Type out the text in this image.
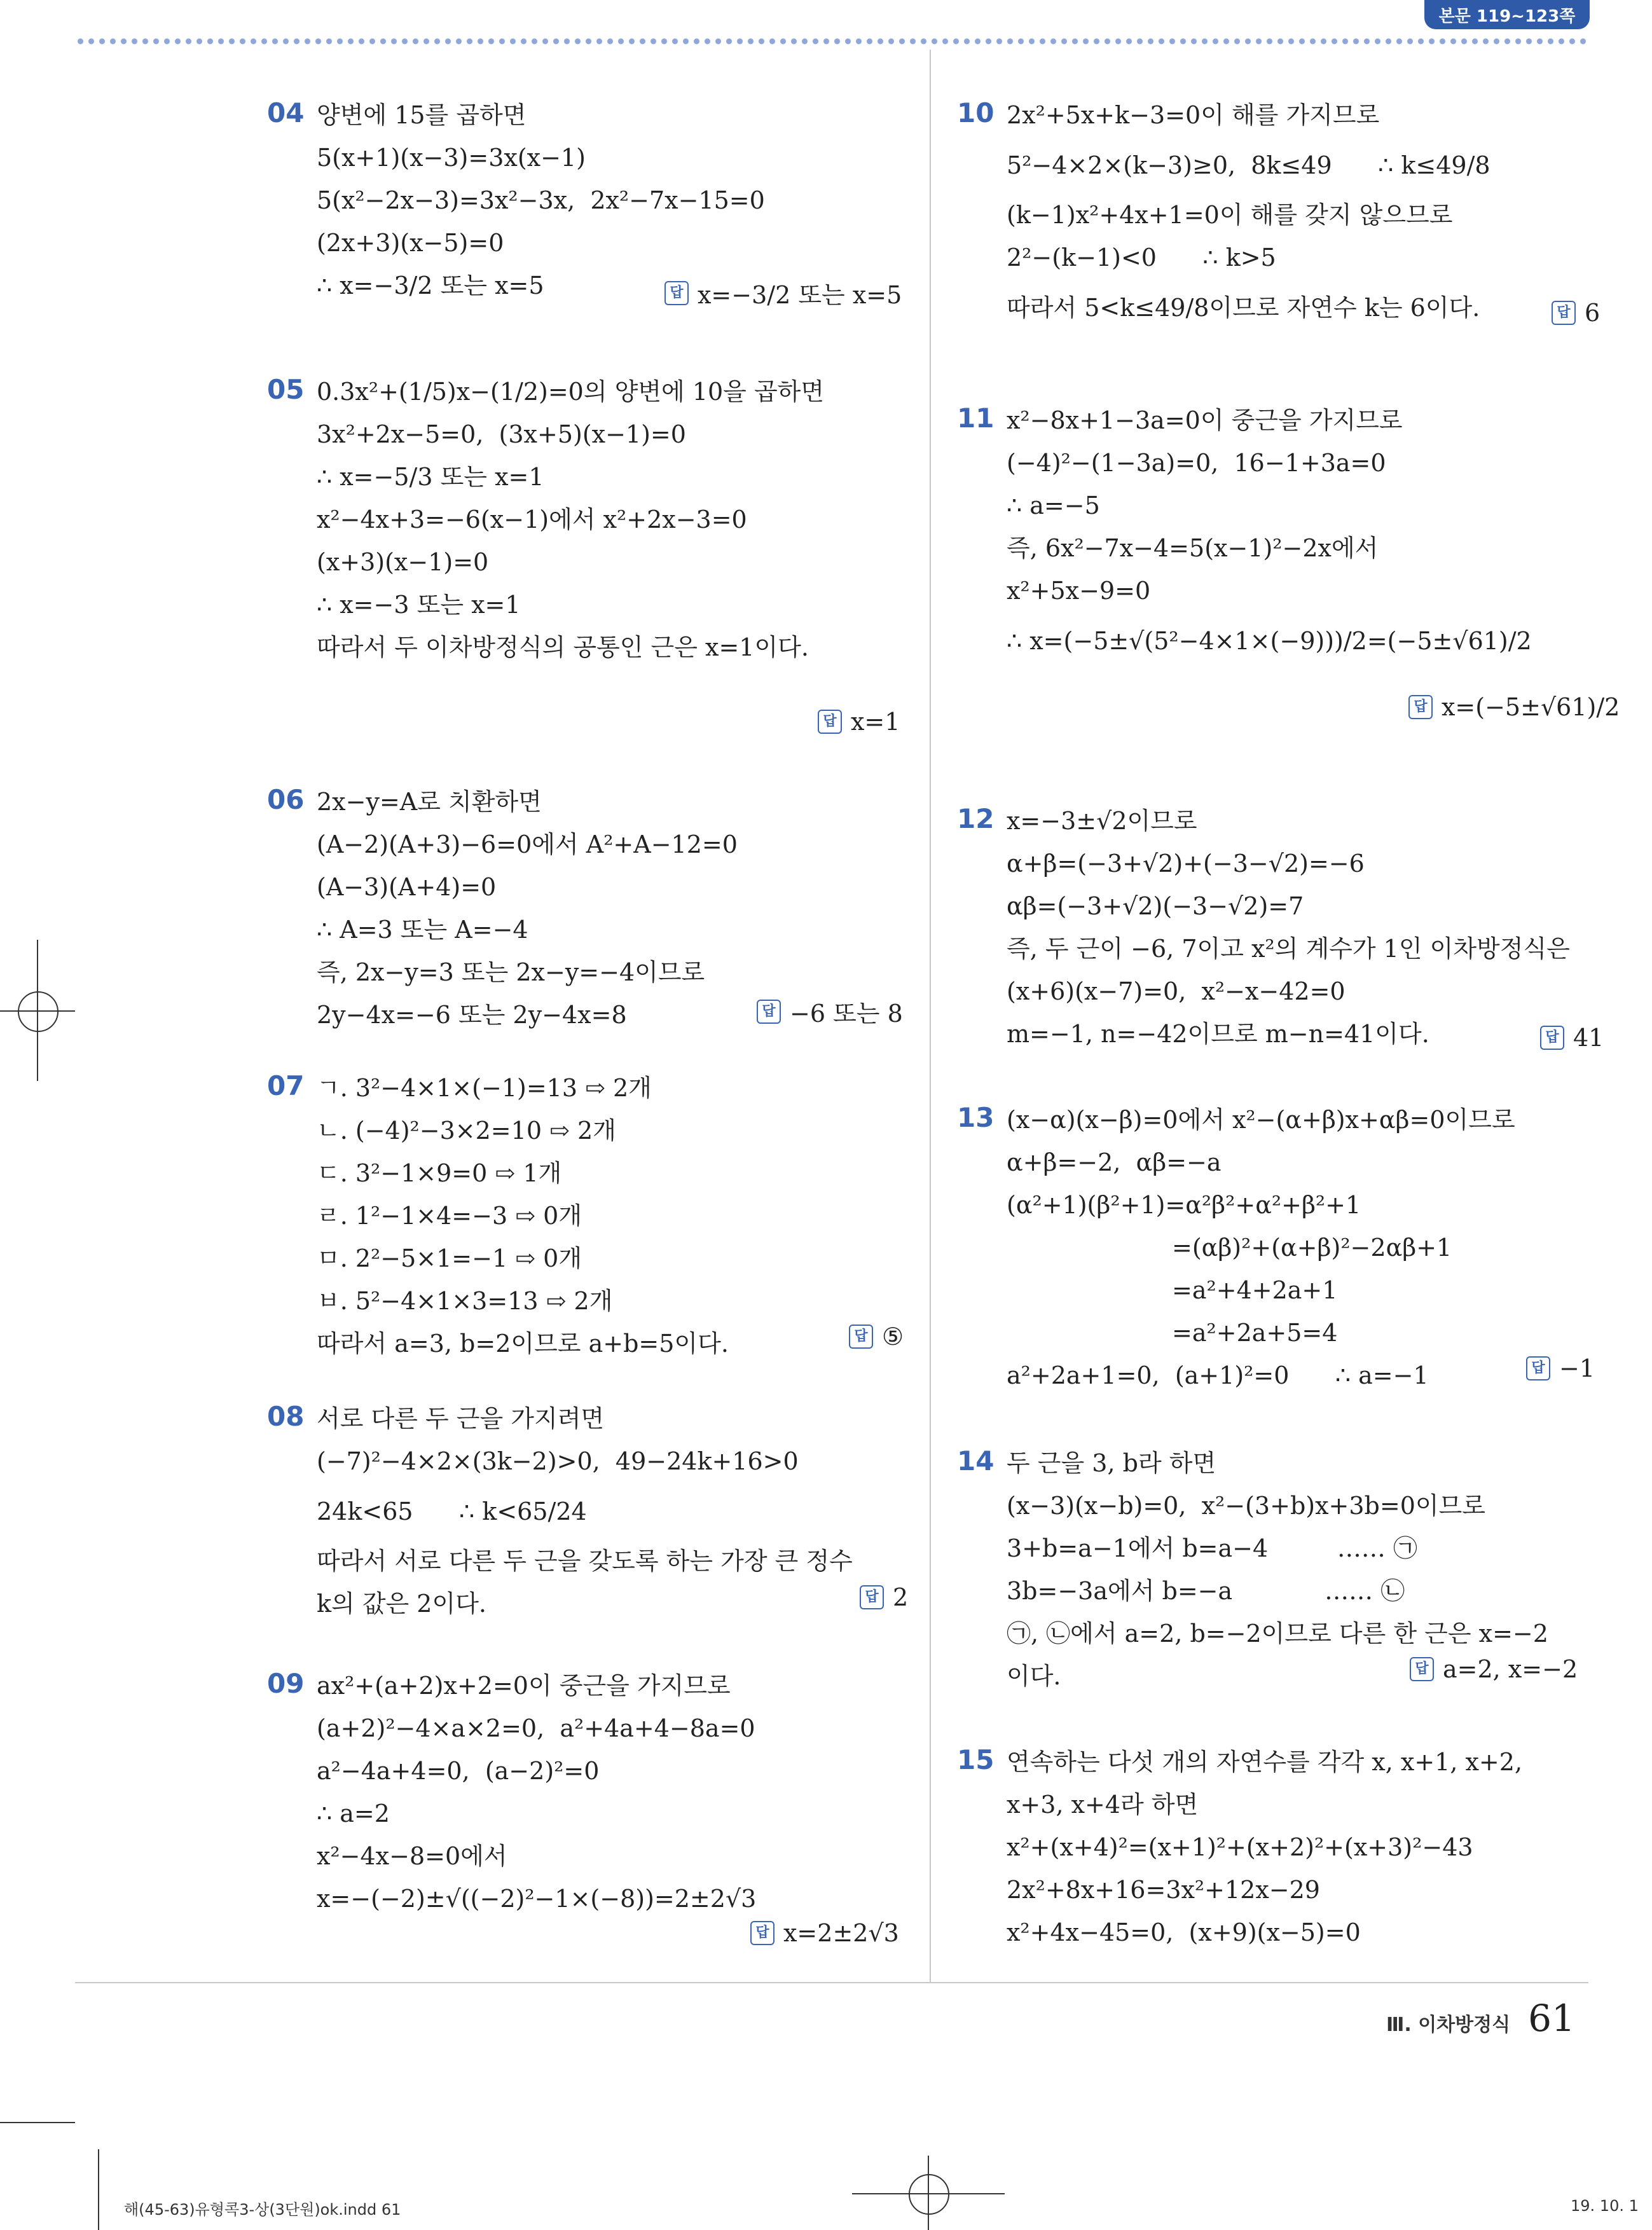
본문 119~123쪽
04 양변에 15를 곱하면
5(x+1)(x−3)=3x(x−1)
5(x²−2x−3)=3x²−3x,  2x²−7x−15=0
(2x+3)(x−5)=0
∴ x=−3/2 또는 x=5	답 x=−3/2 또는 x=5
05 0.3x²+(1/5)x−(1/2)=0의 양변에 10을 곱하면
3x²+2x−5=0,  (3x+5)(x−1)=0
∴ x=−5/3 또는 x=1
x²−4x+3=−6(x−1)에서 x²+2x−3=0
(x+3)(x−1)=0
∴ x=−3 또는 x=1
따라서 두 이차방정식의 공통인 근은 x=1이다.
답 x=1
06 2x−y=A로 치환하면
(A−2)(A+3)−6=0에서 A²+A−12=0
(A−3)(A+4)=0
∴ A=3 또는 A=−4
즉, 2x−y=3 또는 2x−y=−4이므로
2y−4x=−6 또는 2y−4x=8	답 −6 또는 8
07 ㄱ. 3²−4×1×(−1)=13 ⇨ 2개
ㄴ. (−4)²−3×2=10 ⇨ 2개
ㄷ. 3²−1×9=0 ⇨ 1개
ㄹ. 1²−1×4=−3 ⇨ 0개
ㅁ. 2²−5×1=−1 ⇨ 0개
ㅂ. 5²−4×1×3=13 ⇨ 2개
따라서 a=3, b=2이므로 a+b=5이다.	답 ⑤
08 서로 다른 두 근을 가지려면
(−7)²−4×2×(3k−2)>0,  49−24k+16>0
24k<65      ∴ k<65/24
따라서 서로 다른 두 근을 갖도록 하는 가장 큰 정수
k의 값은 2이다.	답 2
09 ax²+(a+2)x+2=0이 중근을 가지므로
(a+2)²−4×a×2=0,  a²+4a+4−8a=0
a²−4a+4=0,  (a−2)²=0
∴ a=2
x²−4x−8=0에서
x=−(−2)±√((−2)²−1×(−8))=2±2√3
답 x=2±2√3
10 2x²+5x+k−3=0이 해를 가지므로
5²−4×2×(k−3)≥0,  8k≤49      ∴ k≤49/8
(k−1)x²+4x+1=0이 해를 갖지 않으므로
2²−(k−1)<0      ∴ k>5
따라서 5<k≤49/8이므로 자연수 k는 6이다.	답 6
11 x²−8x+1−3a=0이 중근을 가지므로
(−4)²−(1−3a)=0,  16−1+3a=0
∴ a=−5
즉, 6x²−7x−4=5(x−1)²−2x에서
x²+5x−9=0
∴ x=(−5±√(5²−4×1×(−9)))/2=(−5±√61)/2
답 x=(−5±√61)/2
12 x=−3±√2이므로
α+β=(−3+√2)+(−3−√2)=−6
αβ=(−3+√2)(−3−√2)=7
즉, 두 근이 −6, 7이고 x²의 계수가 1인 이차방정식은
(x+6)(x−7)=0,  x²−x−42=0
m=−1, n=−42이므로 m−n=41이다.	답 41
13 (x−α)(x−β)=0에서 x²−(α+β)x+αβ=0이므로
α+β=−2,  αβ=−a
(α²+1)(β²+1)=α²β²+α²+β²+1
=(αβ)²+(α+β)²−2αβ+1
=a²+4+2a+1
=a²+2a+5=4
a²+2a+1=0,  (a+1)²=0      ∴ a=−1	답 −1
14 두 근을 3, b라 하면
(x−3)(x−b)=0,  x²−(3+b)x+3b=0이므로
3+b=a−1에서 b=a−4         …… ㉠
3b=−3a에서 b=−a            …… ㉡
㉠, ㉡에서 a=2, b=−2이므로 다른 한 근은 x=−2
이다.	답 a=2, x=−2
15 연속하는 다섯 개의 자연수를 각각 x, x+1, x+2,
x+3, x+4라 하면
x²+(x+4)²=(x+1)²+(x+2)²+(x+3)²−43
2x²+8x+16=3x²+12x−29
x²+4x−45=0,  (x+9)(x−5)=0
Ⅲ. 이차방정식 61
해(45-63)유형콕3-상(3단원)ok.indd 61	19. 10. 1
